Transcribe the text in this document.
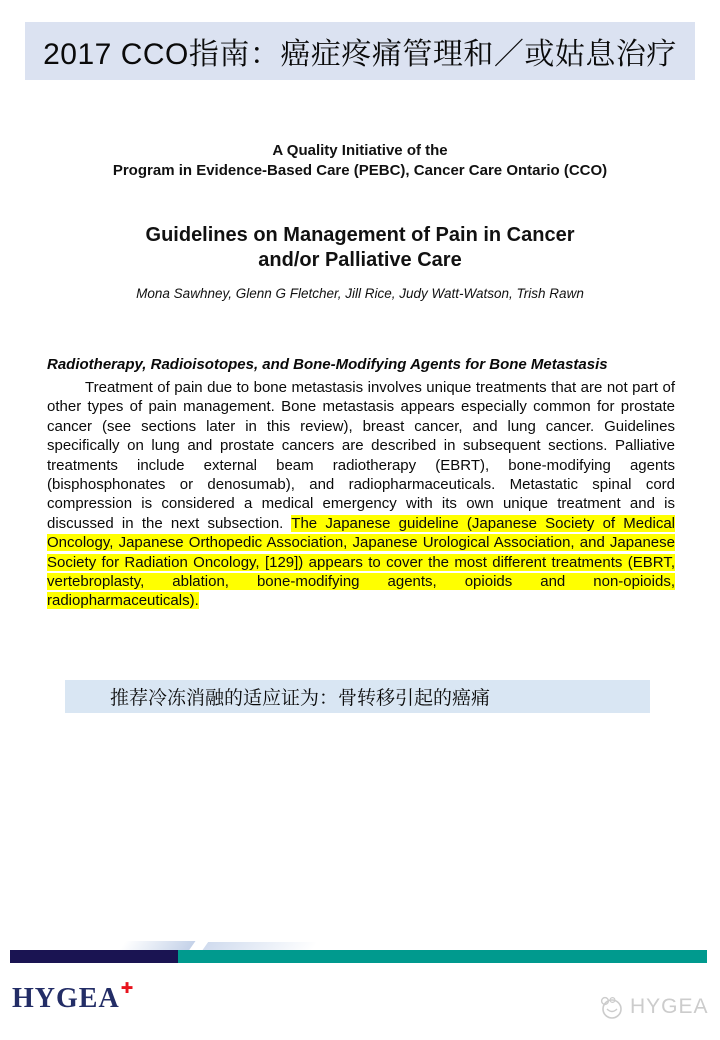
2017 CCO指南：癌症疼痛管理和／或姑息治疗
A Quality Initiative of the
Program in Evidence-Based Care (PEBC), Cancer Care Ontario (CCO)
Guidelines on Management of Pain in Cancer
and/or Palliative Care
Mona Sawhney, Glenn G Fletcher, Jill Rice, Judy Watt-Watson, Trish Rawn
Radiotherapy, Radioisotopes, and Bone-Modifying Agents for Bone Metastasis

Treatment of pain due to bone metastasis involves unique treatments that are not part of other types of pain management. Bone metastasis appears especially common for prostate cancer (see sections later in this review), breast cancer, and lung cancer. Guidelines specifically on lung and prostate cancers are described in subsequent sections. Palliative treatments include external beam radiotherapy (EBRT), bone-modifying agents (bisphosphonates or denosumab), and radiopharmaceuticals. Metastatic spinal cord compression is considered a medical emergency with its own unique treatment and is discussed in the next subsection. The Japanese guideline (Japanese Society of Medical Oncology, Japanese Orthopedic Association, Japanese Urological Association, and Japanese Society for Radiation Oncology, [129]) appears to cover the most different treatments (EBRT, vertebroplasty, ablation, bone-modifying agents, opioids and non-opioids, radiopharmaceuticals).

推荐冷冻消融的适应证为：骨转移引起的癌痛
HYGEA✚
HYGEA
